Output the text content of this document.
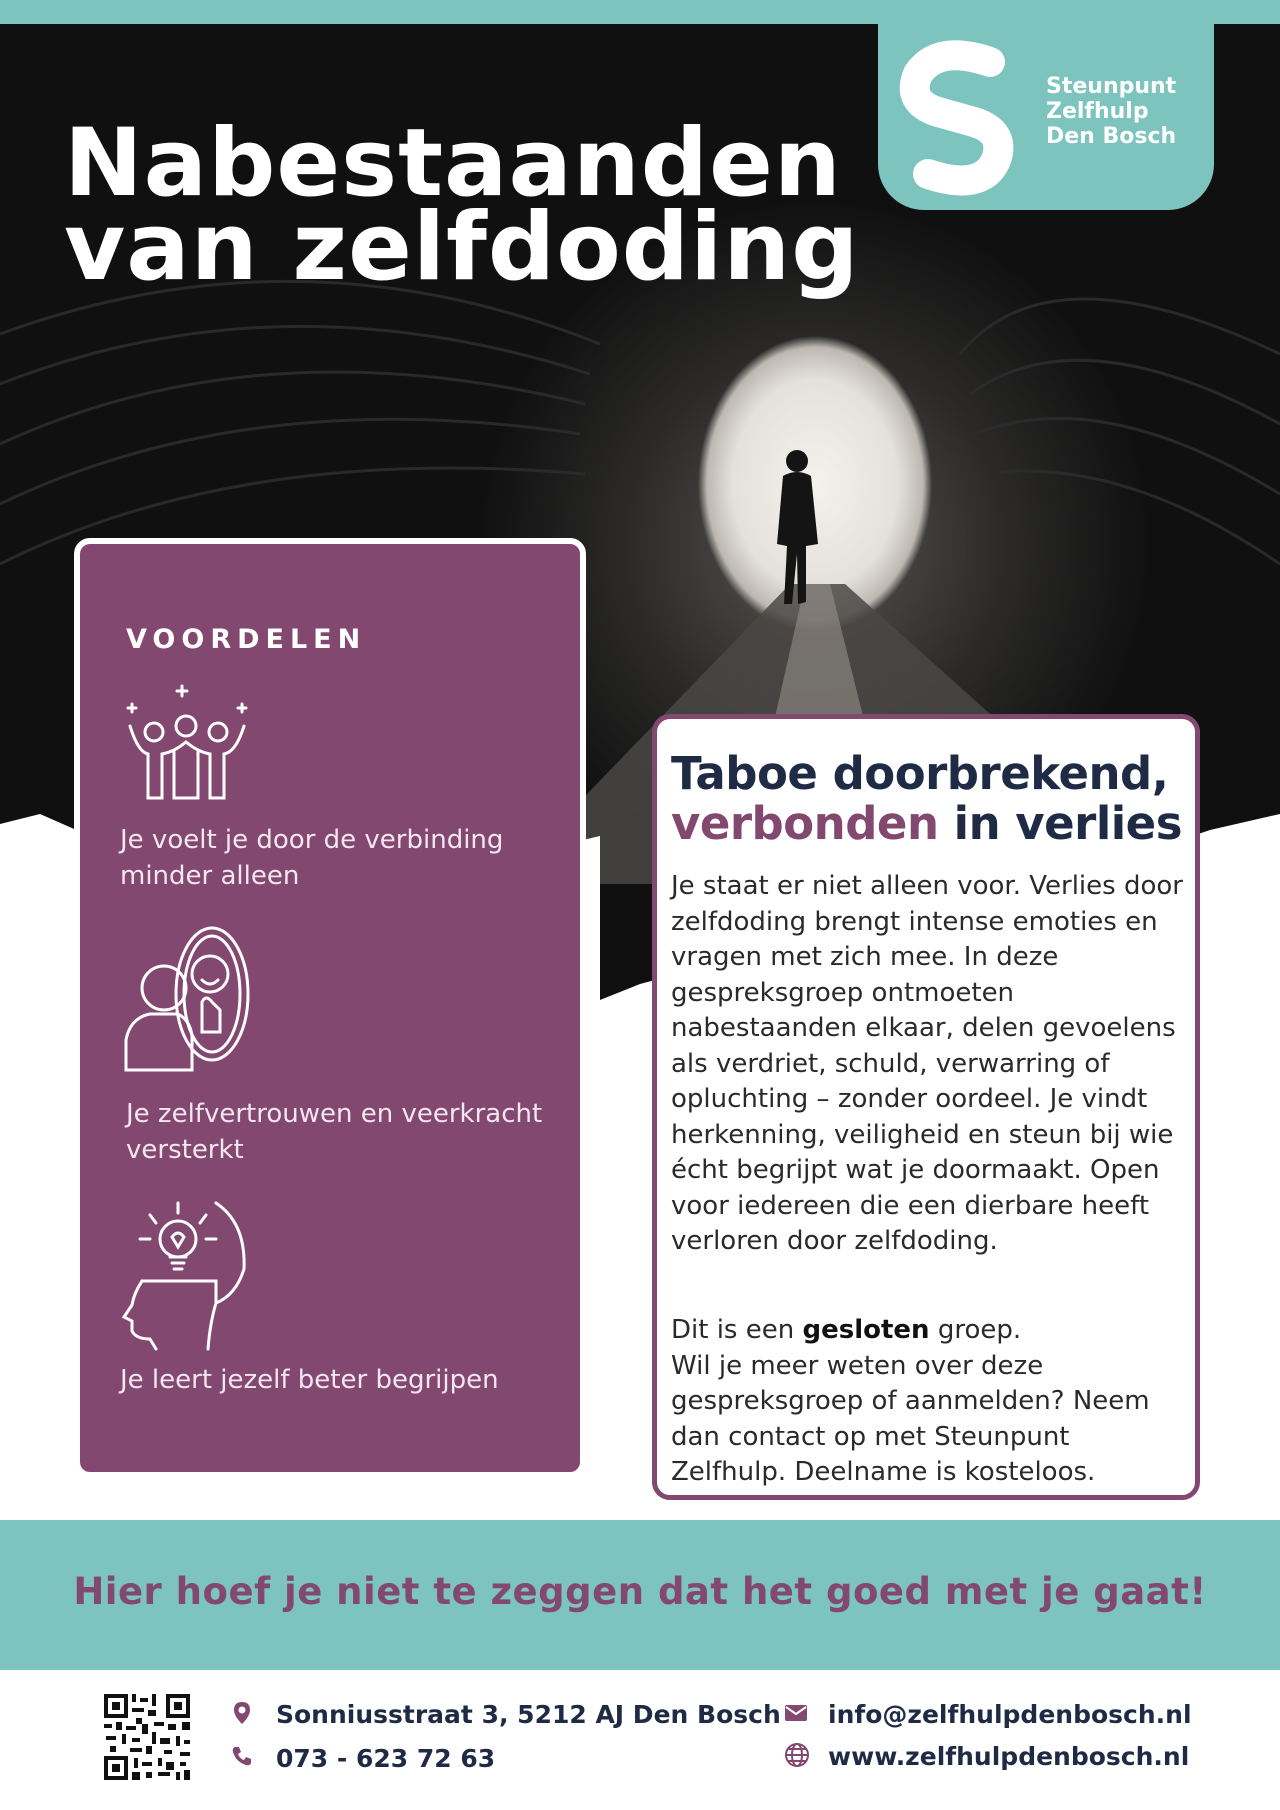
Nabestaanden
van zelfdoding
Steunpunt
Zelfhulp
Den Bosch
VOORDELEN
Je voelt je door de verbinding minder alleen
Je zelfvertrouwen en veerkracht versterkt
Je leert jezelf beter begrijpen
Taboe doorbrekend,
verbonden in verlies

Je staat er niet alleen voor. Verlies door zelfdoding brengt intense emoties en vragen met zich mee. In deze gespreksgroep ontmoeten nabestaanden elkaar, delen gevoelens als verdriet, schuld, verwarring of opluchting – zonder oordeel. Je vindt herkenning, veiligheid en steun bij wie écht begrijpt wat je doormaakt. Open voor iedereen die een dierbare heeft verloren door zelfdoding.

Dit is een gesloten groep.
Wil je meer weten over deze gespreksgroep of aanmelden? Neem dan contact op met Steunpunt Zelfhulp. Deelname is kosteloos.

Hier hoef je niet te zeggen dat het goed met je gaat!

Sonniusstraat 3, 5212 AJ Den Bosch
073 - 623 72 63
info@zelfhulpdenbosch.nl
www.zelfhulpdenbosch.nl
